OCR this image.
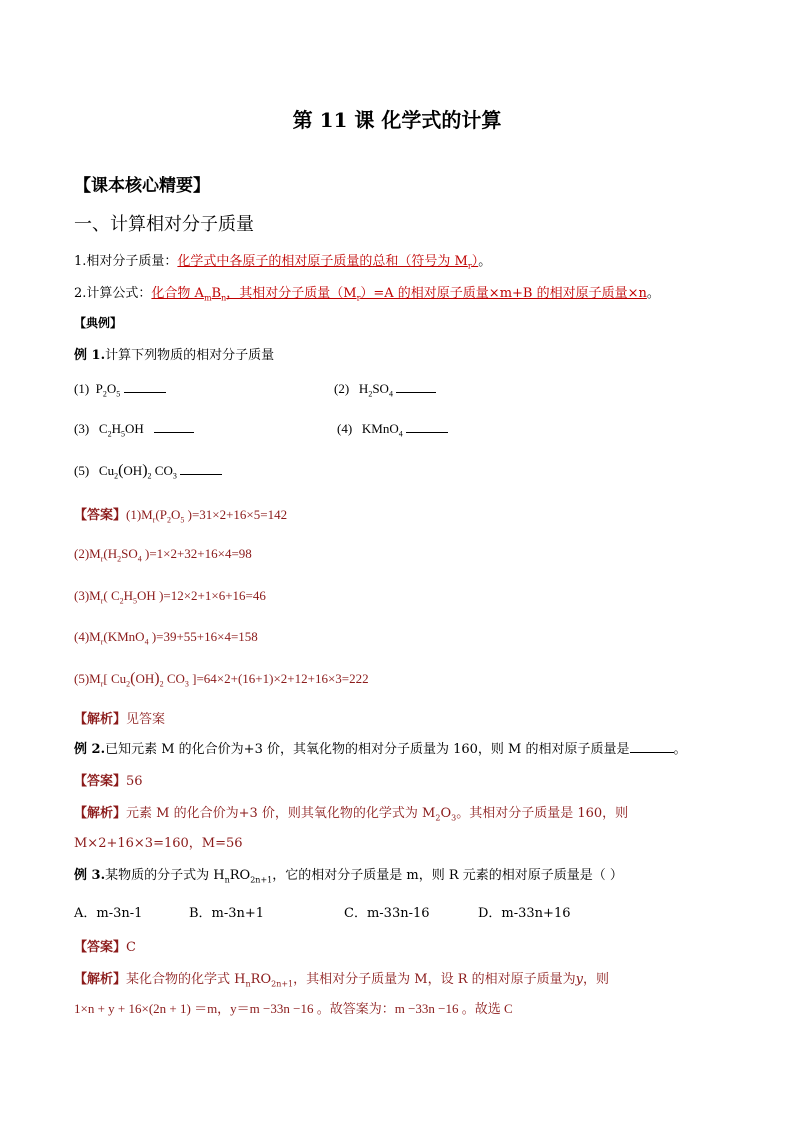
第 11 课 化学式的计算
【课本核心精要】
一、计算相对分子质量
1.相对分子质量：化学式中各原子的相对原子质量的总和（符号为 $M_r$）。
2.计算公式：化合物 $A_mB_n$，其相对分子质量$(M_r)=A$ 的相对原子质量×m+B 的相对原子质量×n。
【典例】
例 1.计算下列物质的相对分子质量
(1)  $P_2O_5$	(2)   $H_2SO_4$
(3)   $C_2H_5OH$	(4)   KMnO$_4$
(5)   $Cu_2(OH)_2$ $CO_3$
【答案】$(1)M_r(P_2O_5$ )=31×2+16×5=142
$(2)M_r(H_2SO_4$ )=1×2+32+16×4=98
$(3)M_r$( $C_2H_5OH$ )=12×2+1×6+16=46
$(4)M_r(KMnO_4$ )=39+55+16×4=158
$(5)M_r$[ $Cu_2(OH)_2$ $CO_3$ ]=64×2+(16+1)×2+12+16×3=222
【解析】见答案
例 2.已知元素 M 的化合价为+3 价，其氧化物的相对分子质量为 160，则 M 的相对原子质量是	。
【答案】56
【解析】元素 M 的化合价为+3 价，则其氧化物的化学式为 $M_2O_3$。其相对分子质量是 160，则
M×2+16×3=160，M=56
例 3.某物质的分子式为 $H_nRO_{2n+1}$，它的相对分子质量是 m，则 R 元素的相对原子质量是（ ）
A．m-3n-1	B．m-3n+1	C．m-33n-16	D．m-33n+16
【答案】C
【解析】某化合物的化学式 $H_nRO_{2n+1}$，其相对分子质量为 M，设 R 的相对原子质量为y，则
1×n + y + 16×(2n + 1) ＝m，y＝m −33n −16 。故答案为：m −33n −16 。故选 C
